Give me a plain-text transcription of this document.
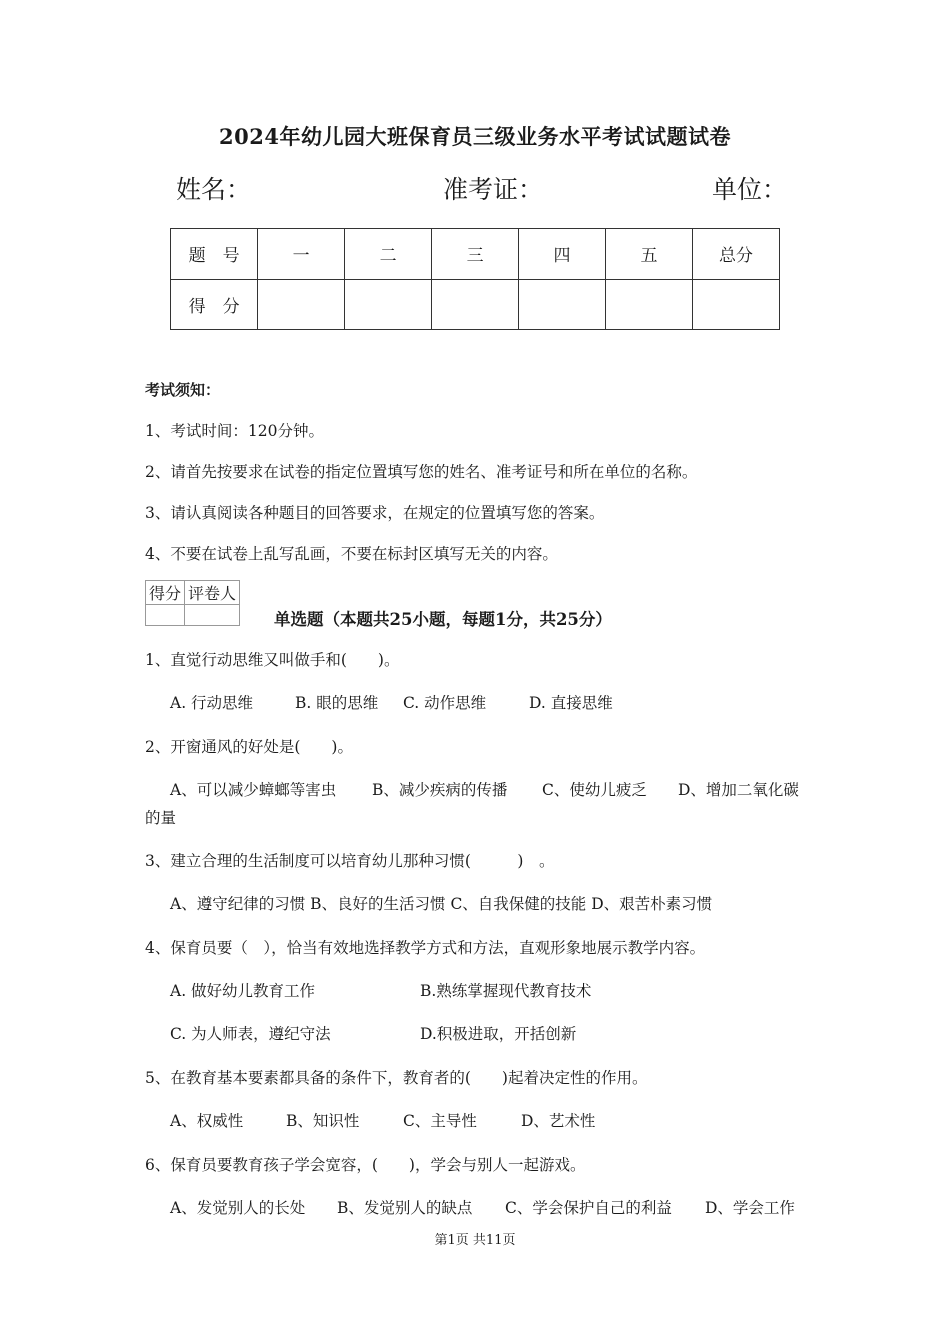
2024年幼儿园大班保育员三级业务水平考试试题试卷
姓名：	准考证：	单位：
题　号	一	二	三	四	五	总分
得　分						
考试须知：
1、考试时间：120分钟。
2、请首先按要求在试卷的指定位置填写您的姓名、准考证号和所在单位的名称。
3、请认真阅读各种题目的回答要求，在规定的位置填写您的答案。
4、不要在试卷上乱写乱画，不要在标封区填写无关的内容。
得分	评卷人

单选题（本题共25小题，每题1分，共25分）
1、直觉行动思维又叫做手和(　　)。
A. 行动思维	B. 眼的思维 C. 动作思维	D. 直接思维
2、开窗通风的好处是(　　)。
A、可以减少蟑螂等害虫 B、减少疾病的传播 C、使幼儿疲乏 D、增加二氧化碳
的量
3、建立合理的生活制度可以培育幼儿那种习惯(　　　)　。
A、遵守纪律的习惯 B、良好的生活习惯 C、自我保健的技能 D、艰苦朴素习惯
4、保育员要（　），恰当有效地选择教学方式和方法，直观形象地展示教学内容。
A. 做好幼儿教育工作	B.熟练掌握现代教育技术
C. 为人师表，遵纪守法	D.积极进取，开括创新
5、在教育基本要素都具备的条件下，教育者的(　　)起着决定性的作用。
A、权威性	B、知识性	C、主导性	D、艺术性
6、保育员要教育孩子学会宽容，(　　)，学会与别人一起游戏。
A、发觉别人的长处 B、发觉别人的缺点 C、学会保护自己的利益 D、学会工作
第1页 共11页
